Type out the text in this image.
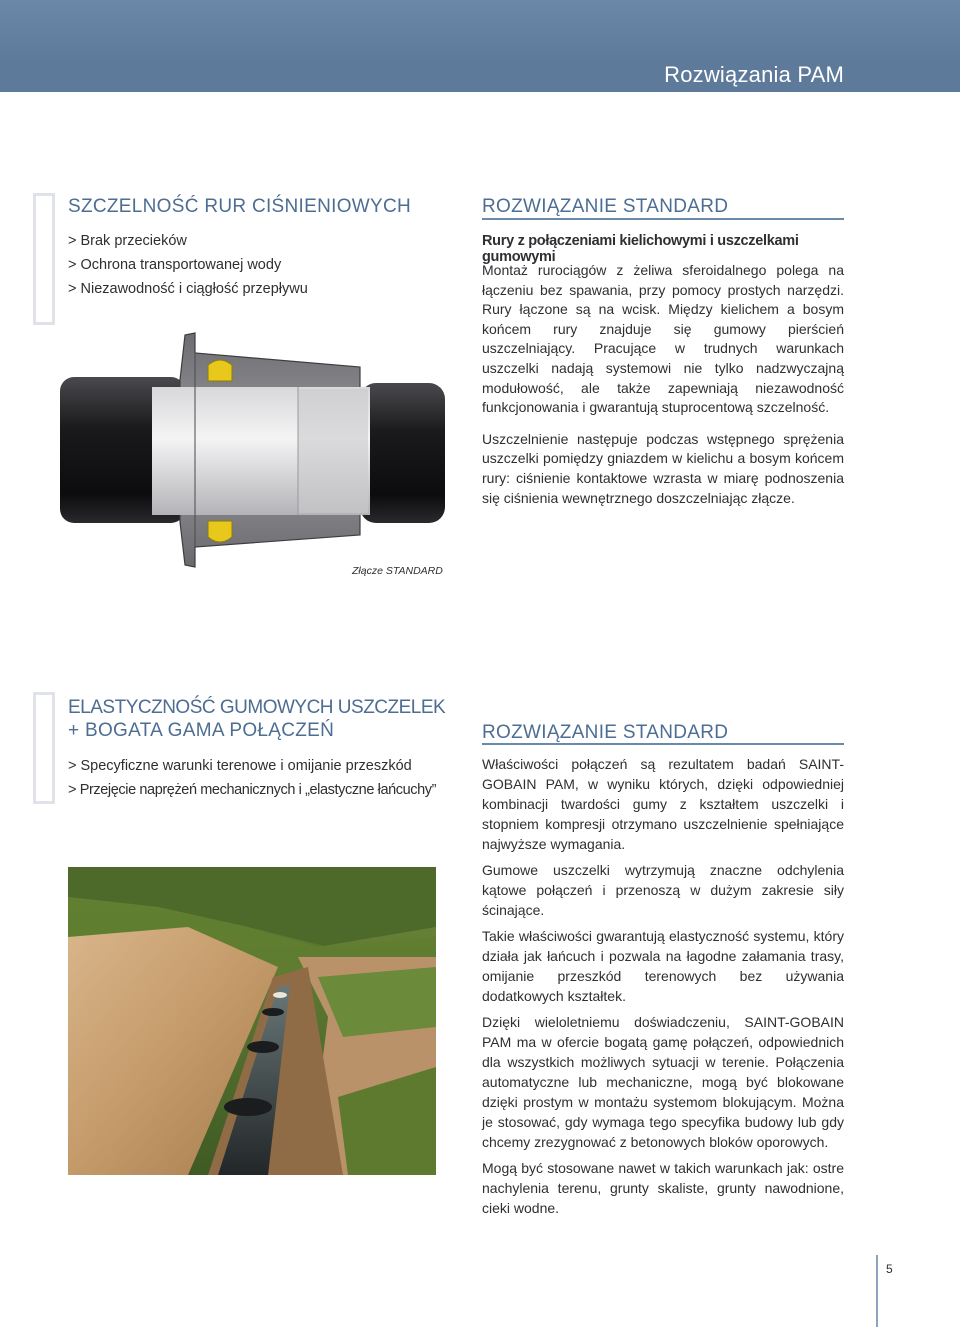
Rozwiązania PAM
SZCZELNOŚĆ RUR CIŚNIENIOWYCH
> Brak przecieków
> Ochrona transportowanej wody
> Niezawodność i ciągłość przepływu
Złącze STANDARD
ROZWIĄZANIE STANDARD
Rury z połączeniami kielichowymi i uszczelkami gumowymi

Montaż rurociągów z żeliwa sferoidalnego polega na łączeniu bez spawania, przy pomocy prostych narzędzi. Rury łączone są na wcisk. Między kielichem a bosym końcem rury znajduje się gumowy pierścień uszczelniający. Pracujące w trudnych warunkach uszczelki nadają systemowi nie tylko nadzwyczajną modułowość, ale także zapewniają niezawodność funkcjonowania i gwarantują stuprocentową szczelność.

Uszczelnienie następuje podczas wstępnego sprężenia uszczelki pomiędzy gniazdem w kielichu a bosym końcem rury: ciśnienie kontaktowe wzrasta w miarę podnoszenia się ciśnienia wewnętrznego doszczelniając złącze.

ELASTYCZNOŚĆ GUMOWYCH USZCZELEK
+ BOGATA GAMA POŁĄCZEŃ
> Specyficzne warunki terenowe i omijanie przeszkód
> Przejęcie naprężeń mechanicznych i „elastyczne łańcuchy”
ROZWIĄZANIE STANDARD

Właściwości połączeń są rezultatem badań SAINT-GOBAIN PAM, w wyniku których, dzięki odpowiedniej kombinacji twardości gumy z kształtem uszczelki i stopniem kompresji otrzymano uszczelnienie spełniające najwyższe wymagania.

Gumowe uszczelki wytrzymują znaczne odchylenia kątowe połączeń i przenoszą w dużym zakresie siły ścinające.

Takie właściwości gwarantują elastyczność systemu, który działa jak łańcuch i pozwala na łagodne załamania trasy, omijanie przeszkód terenowych bez używania dodatkowych kształtek.

Dzięki wieloletniemu doświadczeniu, SAINT-GOBAIN PAM ma w ofercie bogatą gamę połączeń, odpowiednich dla wszystkich możliwych sytuacji w terenie. Połączenia automatyczne lub mechaniczne, mogą być blokowane dzięki prostym w montażu systemom blokującym. Można je stosować, gdy wymaga tego specyfika budowy lub gdy chcemy zrezygnować z betonowych bloków oporowych.

Mogą być stosowane nawet w takich warunkach jak: ostre nachylenia terenu, grunty skaliste, grunty nawodnione, cieki wodne.

5
